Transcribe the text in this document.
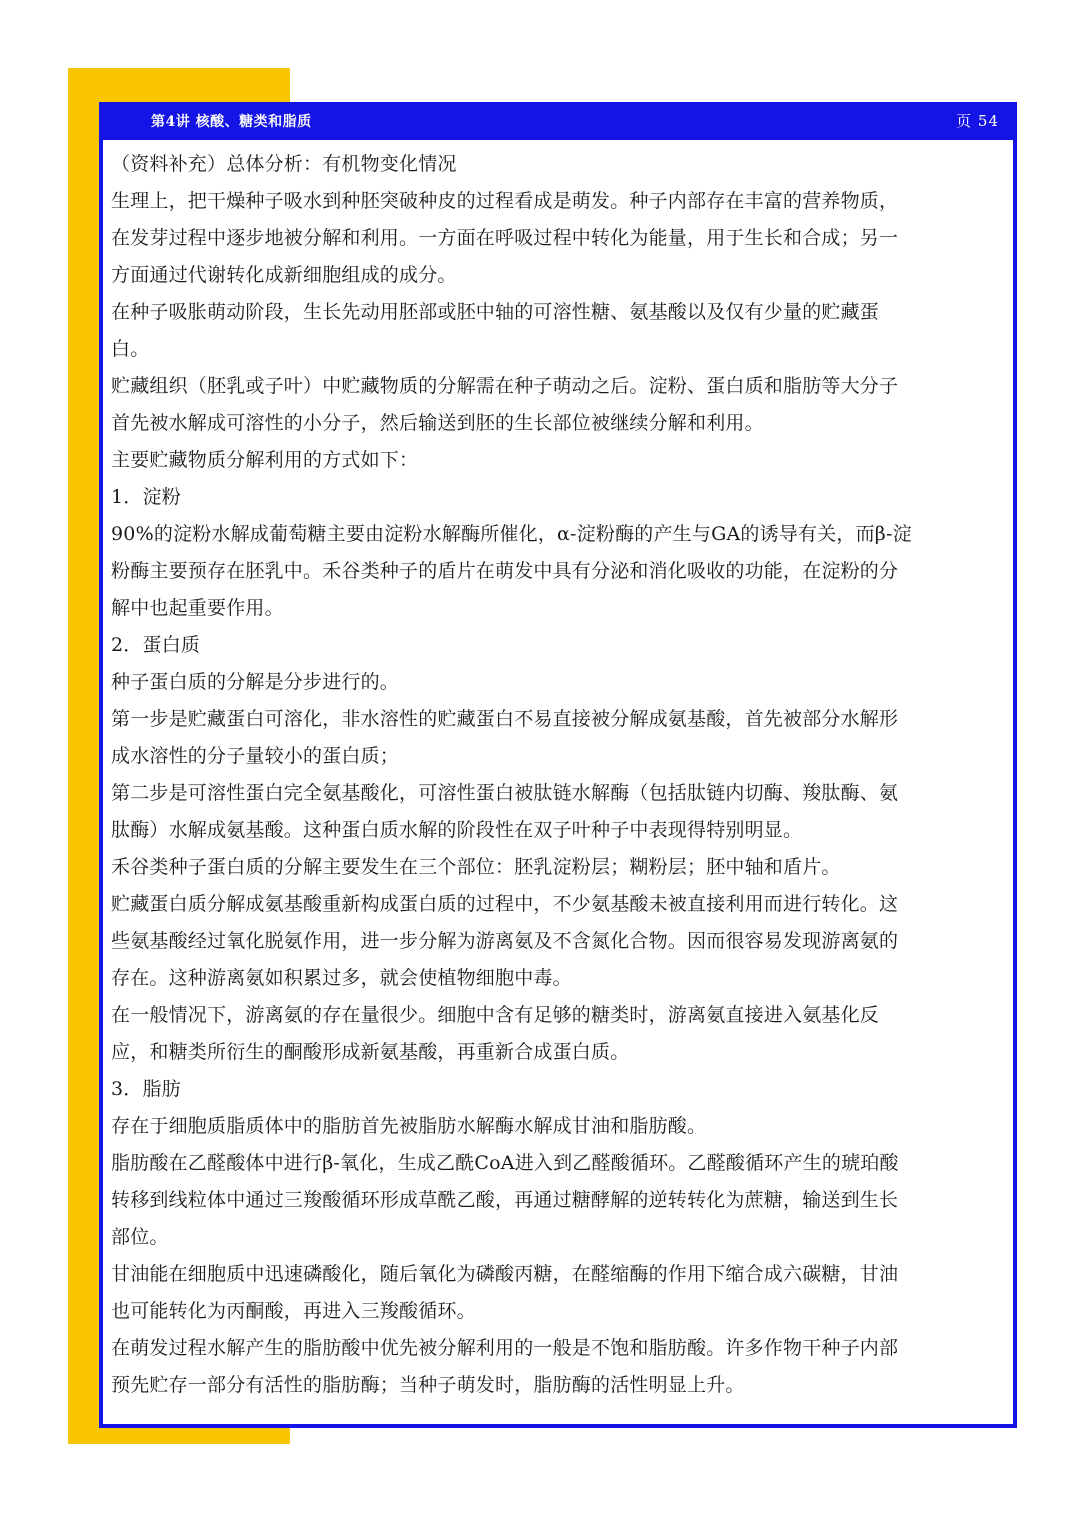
第4讲 核酸、糖类和脂质	页 54
（资料补充）总体分析：有机物变化情况
生理上，把干燥种子吸水到种胚突破种皮的过程看成是萌发。种子内部存在丰富的营养物质，
在发芽过程中逐步地被分解和利用。一方面在呼吸过程中转化为能量，用于生长和合成；另一
方面通过代谢转化成新细胞组成的成分。
在种子吸胀萌动阶段，生长先动用胚部或胚中轴的可溶性糖、氨基酸以及仅有少量的贮藏蛋
白。
贮藏组织（胚乳或子叶）中贮藏物质的分解需在种子萌动之后。淀粉、蛋白质和脂肪等大分子
首先被水解成可溶性的小分子，然后输送到胚的生长部位被继续分解和利用。
主要贮藏物质分解利用的方式如下：
1．淀粉
90%的淀粉水解成葡萄糖主要由淀粉水解酶所催化，α-淀粉酶的产生与GA的诱导有关，而β-淀
粉酶主要预存在胚乳中。禾谷类种子的盾片在萌发中具有分泌和消化吸收的功能，在淀粉的分
解中也起重要作用。
2．蛋白质
种子蛋白质的分解是分步进行的。
第一步是贮藏蛋白可溶化，非水溶性的贮藏蛋白不易直接被分解成氨基酸，首先被部分水解形
成水溶性的分子量较小的蛋白质；
第二步是可溶性蛋白完全氨基酸化，可溶性蛋白被肽链水解酶（包括肽链内切酶、羧肽酶、氨
肽酶）水解成氨基酸。这种蛋白质水解的阶段性在双子叶种子中表现得特别明显。
禾谷类种子蛋白质的分解主要发生在三个部位：胚乳淀粉层；糊粉层；胚中轴和盾片。
贮藏蛋白质分解成氨基酸重新构成蛋白质的过程中，不少氨基酸未被直接利用而进行转化。这
些氨基酸经过氧化脱氨作用，进一步分解为游离氨及不含氮化合物。因而很容易发现游离氨的
存在。这种游离氨如积累过多，就会使植物细胞中毒。
在一般情况下，游离氨的存在量很少。细胞中含有足够的糖类时，游离氨直接进入氨基化反
应，和糖类所衍生的酮酸形成新氨基酸，再重新合成蛋白质。
3．脂肪
存在于细胞质脂质体中的脂肪首先被脂肪水解酶水解成甘油和脂肪酸。
脂肪酸在乙醛酸体中进行β-氧化，生成乙酰CoA进入到乙醛酸循环。乙醛酸循环产生的琥珀酸
转移到线粒体中通过三羧酸循环形成草酰乙酸，再通过糖酵解的逆转转化为蔗糖，输送到生长
部位。
甘油能在细胞质中迅速磷酸化，随后氧化为磷酸丙糖，在醛缩酶的作用下缩合成六碳糖，甘油
也可能转化为丙酮酸，再进入三羧酸循环。
在萌发过程水解产生的脂肪酸中优先被分解利用的一般是不饱和脂肪酸。许多作物干种子内部
预先贮存一部分有活性的脂肪酶；当种子萌发时，脂肪酶的活性明显上升。
